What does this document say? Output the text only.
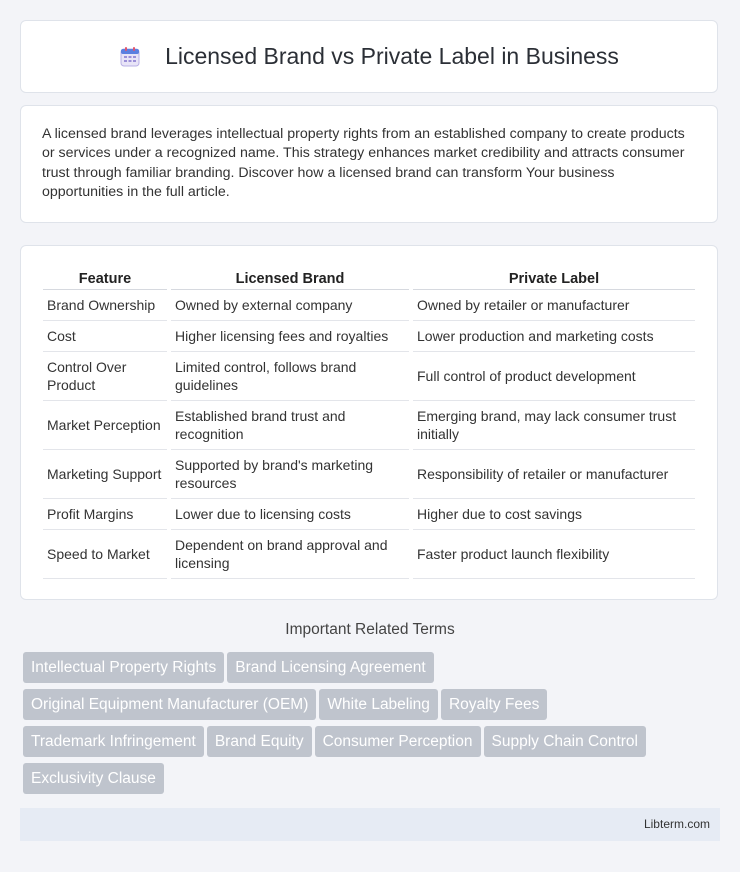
Licensed Brand vs Private Label in Business

A licensed brand leverages intellectual property rights from an established company to create products or services under a recognized name. This strategy enhances market credibility and attracts consumer trust through familiar branding. Discover how a licensed brand can transform Your business opportunities in the full article.

Feature	Licensed Brand	Private Label
Brand Ownership	Owned by external company	Owned by retailer or manufacturer
Cost	Higher licensing fees and royalties	Lower production and marketing costs
Control Over Product	Limited control, follows brand guidelines	Full control of product development
Market Perception	Established brand trust and recognition	Emerging brand, may lack consumer trust initially
Marketing Support	Supported by brand's marketing resources	Responsibility of retailer or manufacturer
Profit Margins	Lower due to licensing costs	Higher due to cost savings
Speed to Market	Dependent on brand approval and licensing	Faster product launch flexibility
Important Related Terms
Intellectual Property Rights Brand Licensing Agreement
Original Equipment Manufacturer (OEM) White Labeling Royalty Fees
Trademark Infringement Brand Equity Consumer Perception Supply Chain Control
Exclusivity Clause
Libterm.com
